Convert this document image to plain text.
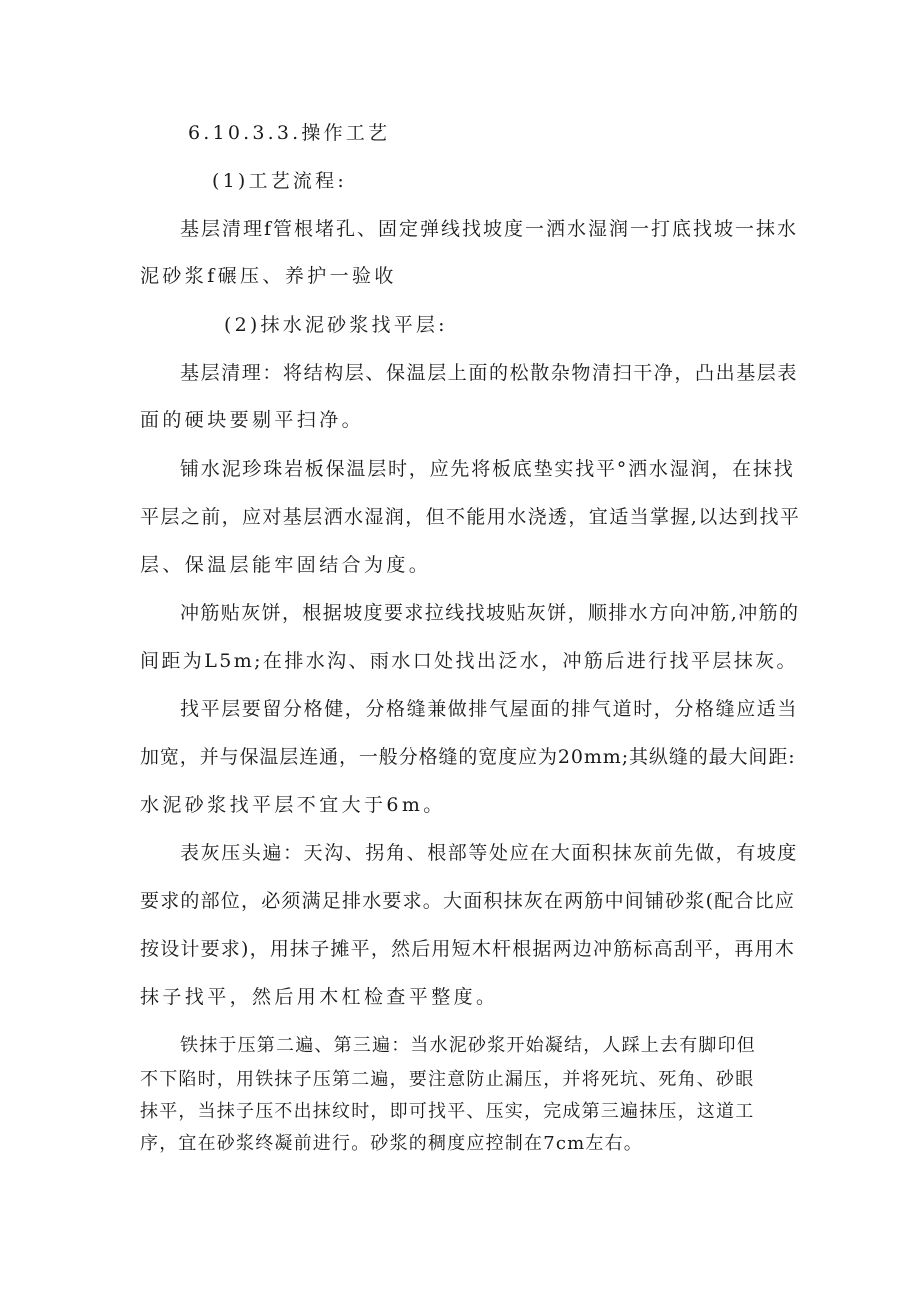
6.10.3.3.操作工艺
(1)工艺流程:
基层清理f管根堵孔、固定弹线找坡度一洒水湿润一打底找坡一抹水
泥砂浆f碾压、养护一验收
(2)抹水泥砂浆找平层:
基层清理：将结构层、保温层上面的松散杂物清扫干净，凸出基层表
面的硬块要剔平扫净。
铺水泥珍珠岩板保温层时，应先将板底垫实找平°洒水湿润，在抹找
平层之前，应对基层洒水湿润，但不能用水浇透，宜适当掌握,以达到找平
层、保温层能牢固结合为度。
冲筋贴灰饼，根据坡度要求拉线找坡贴灰饼，顺排水方向冲筋,冲筋的
间距为L5m;在排水沟、雨水口处找出泛水，冲筋后进行找平层抹灰。
找平层要留分格健，分格缝兼做排气屋面的排气道时，分格缝应适当
加宽，并与保温层连通，一般分格缝的宽度应为20mm;其纵缝的最大间距:
水泥砂浆找平层不宜大于6m。
表灰压头遍：天沟、拐角、根部等处应在大面积抹灰前先做，有坡度
要求的部位，必须满足排水要求。大面积抹灰在两筋中间铺砂浆(配合比应
按设计要求)，用抹子摊平，然后用短木杆根据两边冲筋标高刮平，再用木
抹子找平，然后用木杠检查平整度。
铁抹于压第二遍、第三遍：当水泥砂浆开始凝结，人踩上去有脚印但
不下陷时，用铁抹子压第二遍，要注意防止漏压，并将死坑、死角、砂眼
抹平，当抹子压不出抹纹时，即可找平、压实，完成第三遍抹压，这道工
序，宜在砂浆终凝前进行。砂浆的稠度应控制在7cm左右。
